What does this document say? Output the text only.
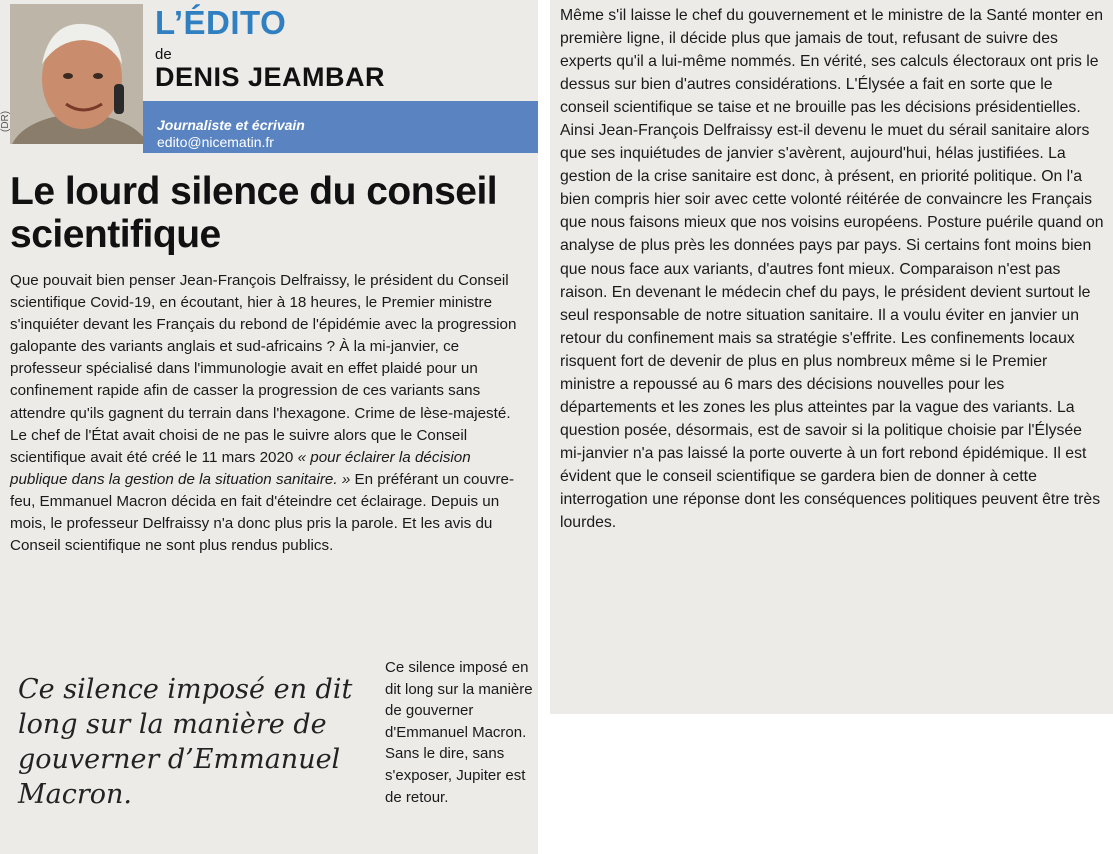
(DR)
L’ÉDITO
de
DENIS JEAMBAR
Journaliste et écrivain
edito@nicematin.fr
Le lourd silence du conseil scientifique

Que pouvait bien penser Jean-François Delfraissy, le président du Conseil scientifique Covid-19, en écoutant, hier à 18 heures, le Premier ministre s'inquiéter devant les Français du rebond de l'épidémie avec la progression galopante des variants anglais et sud-africains ? À la mi-janvier, ce professeur spécialisé dans l'immunologie avait en effet plaidé pour un confinement rapide afin de casser la progression de ces variants sans attendre qu'ils gagnent du terrain dans l'hexagone. Crime de lèse-majesté. Le chef de l'État avait choisi de ne pas le suivre alors que le Conseil scientifique avait été créé le 11 mars 2020 « pour éclairer la décision publique dans la gestion de la situation sanitaire. » En préférant un couvre-feu, Emmanuel Macron décida en fait d'éteindre cet éclairage. Depuis un mois, le professeur Delfraissy n'a donc plus pris la parole. Et les avis du Conseil scientifique ne sont plus rendus publics.

Ce silence imposé en dit long sur la manière de gouverner d’Emmanuel Macron.
Ce silence imposé en dit long sur la manière de gouverner d'Emmanuel Macron. Sans le dire, sans s'exposer, Jupiter est de retour.

Même s'il laisse le chef du gouvernement et le ministre de la Santé monter en première ligne, il décide plus que jamais de tout, refusant de suivre des experts qu'il a lui-même nommés. En vérité, ses calculs électoraux ont pris le dessus sur bien d'autres considérations. L'Élysée a fait en sorte que le conseil scientifique se taise et ne brouille pas les décisions présidentielles. Ainsi Jean-François Delfraissy est-il devenu le muet du sérail sanitaire alors que ses inquiétudes de janvier s'avèrent, aujourd'hui, hélas justifiées. La gestion de la crise sanitaire est donc, à présent, en priorité politique. On l'a bien compris hier soir avec cette volonté réitérée de convaincre les Français que nous faisons mieux que nos voisins européens. Posture puérile quand on analyse de plus près les données pays par pays. Si certains font moins bien que nous face aux variants, d'autres font mieux. Comparaison n'est pas raison. En devenant le médecin chef du pays, le président devient surtout le seul responsable de notre situation sanitaire. Il a voulu éviter en janvier un retour du confinement mais sa stratégie s'effrite. Les confinements locaux risquent fort de devenir de plus en plus nombreux même si le Premier ministre a repoussé au 6 mars des décisions nouvelles pour les départements et les zones les plus atteintes par la vague des variants. La question posée, désormais, est de savoir si la politique choisie par l'Élysée mi-janvier n'a pas laissé la porte ouverte à un fort rebond épidémique. Il est évident que le conseil scientifique se gardera bien de donner à cette interrogation une réponse dont les conséquences politiques peuvent être très lourdes.
